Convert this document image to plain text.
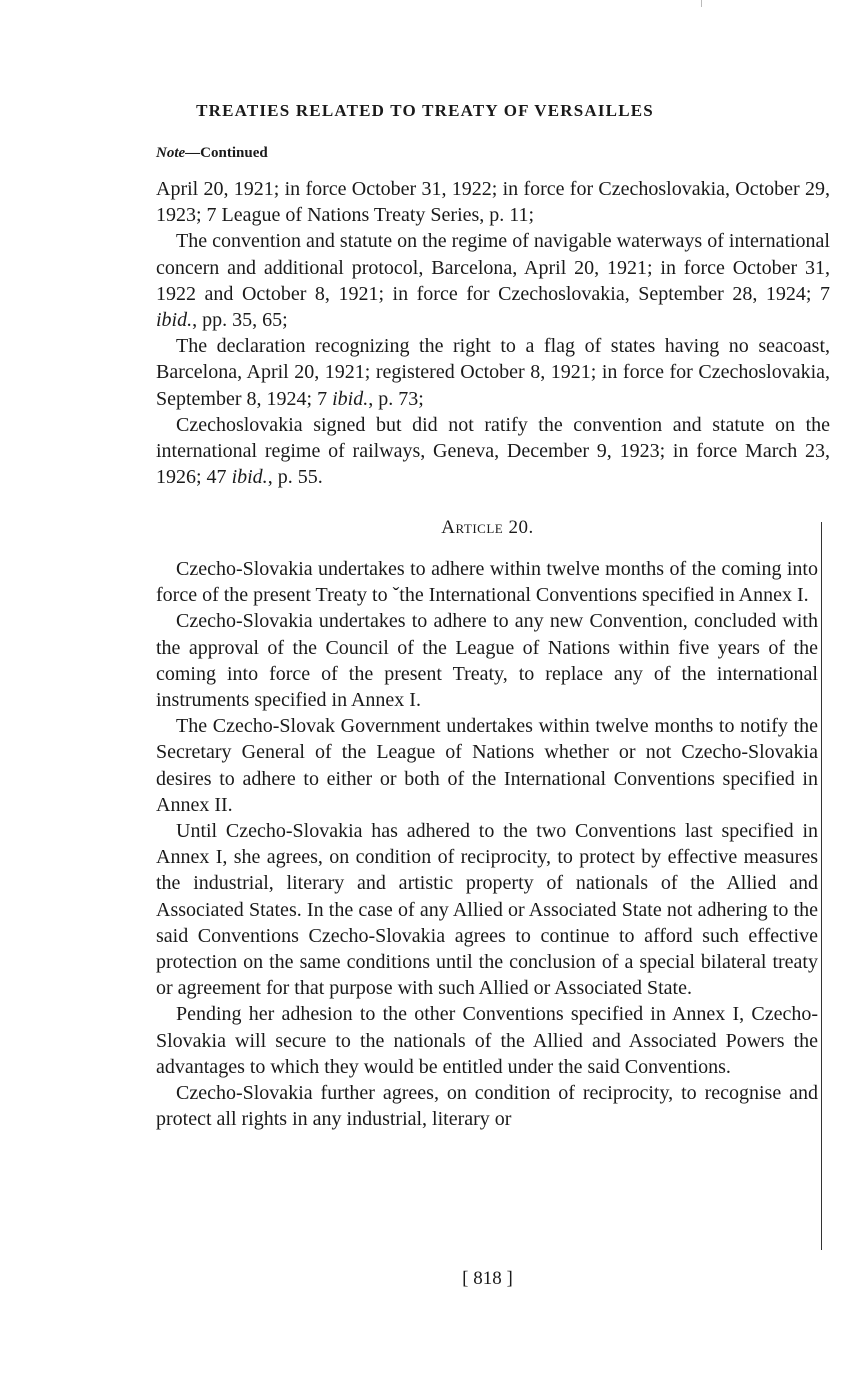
TREATIES RELATED TO TREATY OF VERSAILLES
Note—Continued

April 20, 1921; in force October 31, 1922; in force for Czechoslovakia, October 29, 1923; 7 League of Nations Treaty Series, p. 11;

The convention and statute on the regime of navigable waterways of international concern and additional protocol, Barcelona, April 20, 1921; in force October 31, 1922 and October 8, 1921; in force for Czechoslovakia, September 28, 1924; 7 ibid., pp. 35, 65;

The declaration recognizing the right to a flag of states having no seacoast, Barcelona, April 20, 1921; registered October 8, 1921; in force for Czechoslovakia, September 8, 1924; 7 ibid., p. 73;

Czechoslovakia signed but did not ratify the convention and statute on the international regime of railways, Geneva, December 9, 1923; in force March 23, 1926; 47 ibid., p. 55.

Article 20.

Czecho-Slovakia undertakes to adhere within twelve months of the coming into force of the present Treaty to ˇthe International Conventions specified in Annex I.

Czecho-Slovakia undertakes to adhere to any new Convention, concluded with the approval of the Council of the League of Nations within five years of the coming into force of the present Treaty, to replace any of the international instruments specified in Annex I.

The Czecho-Slovak Government undertakes within twelve months to notify the Secretary General of the League of Nations whether or not Czecho-Slovakia desires to adhere to either or both of the International Conventions specified in Annex II.

Until Czecho-Slovakia has adhered to the two Conventions last specified in Annex I, she agrees, on condition of reciprocity, to protect by effective measures the industrial, literary and artistic property of nationals of the Allied and Associated States. In the case of any Allied or Associated State not adhering to the said Conventions Czecho-Slovakia agrees to continue to afford such effective protection on the same conditions until the conclusion of a special bilateral treaty or agreement for that purpose with such Allied or Associated State.

Pending her adhesion to the other Conventions specified in Annex I, Czecho-Slovakia will secure to the nationals of the Allied and Associated Powers the advantages to which they would be entitled under the said Conventions.

Czecho-Slovakia further agrees, on condition of reciprocity, to recognise and protect all rights in any industrial, literary or

[ 818 ]
